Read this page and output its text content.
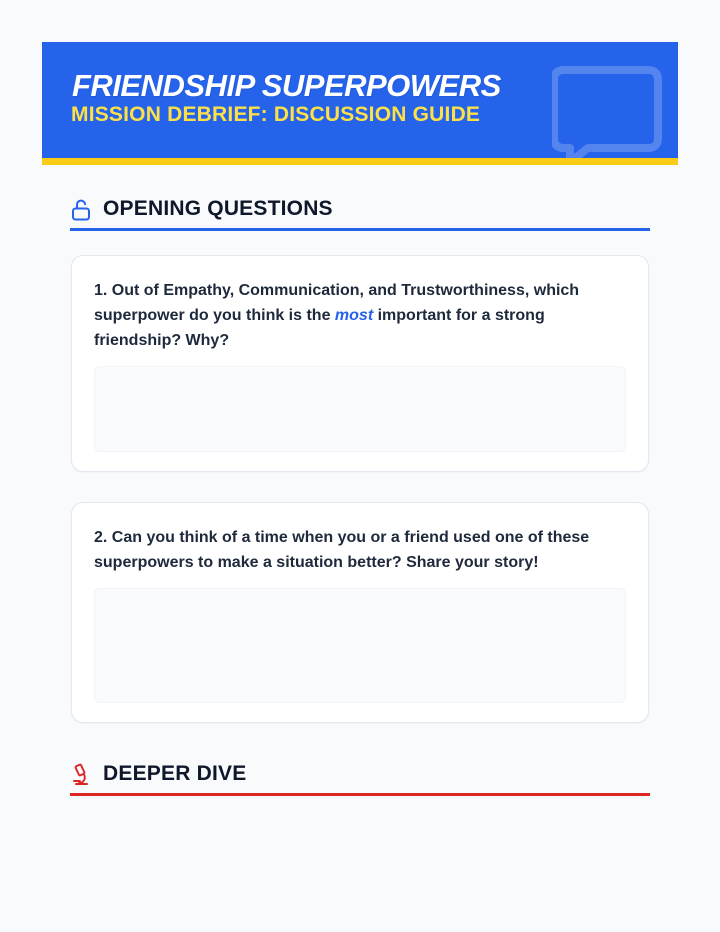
FRIENDSHIP SUPERPOWERS
MISSION DEBRIEF: DISCUSSION GUIDE
OPENING QUESTIONS

1. Out of Empathy, Communication, and Trustworthiness, which superpower do you think is the most important for a strong friendship? Why?

2. Can you think of a time when you or a friend used one of these superpowers to make a situation better? Share your story!

DEEPER DIVE
